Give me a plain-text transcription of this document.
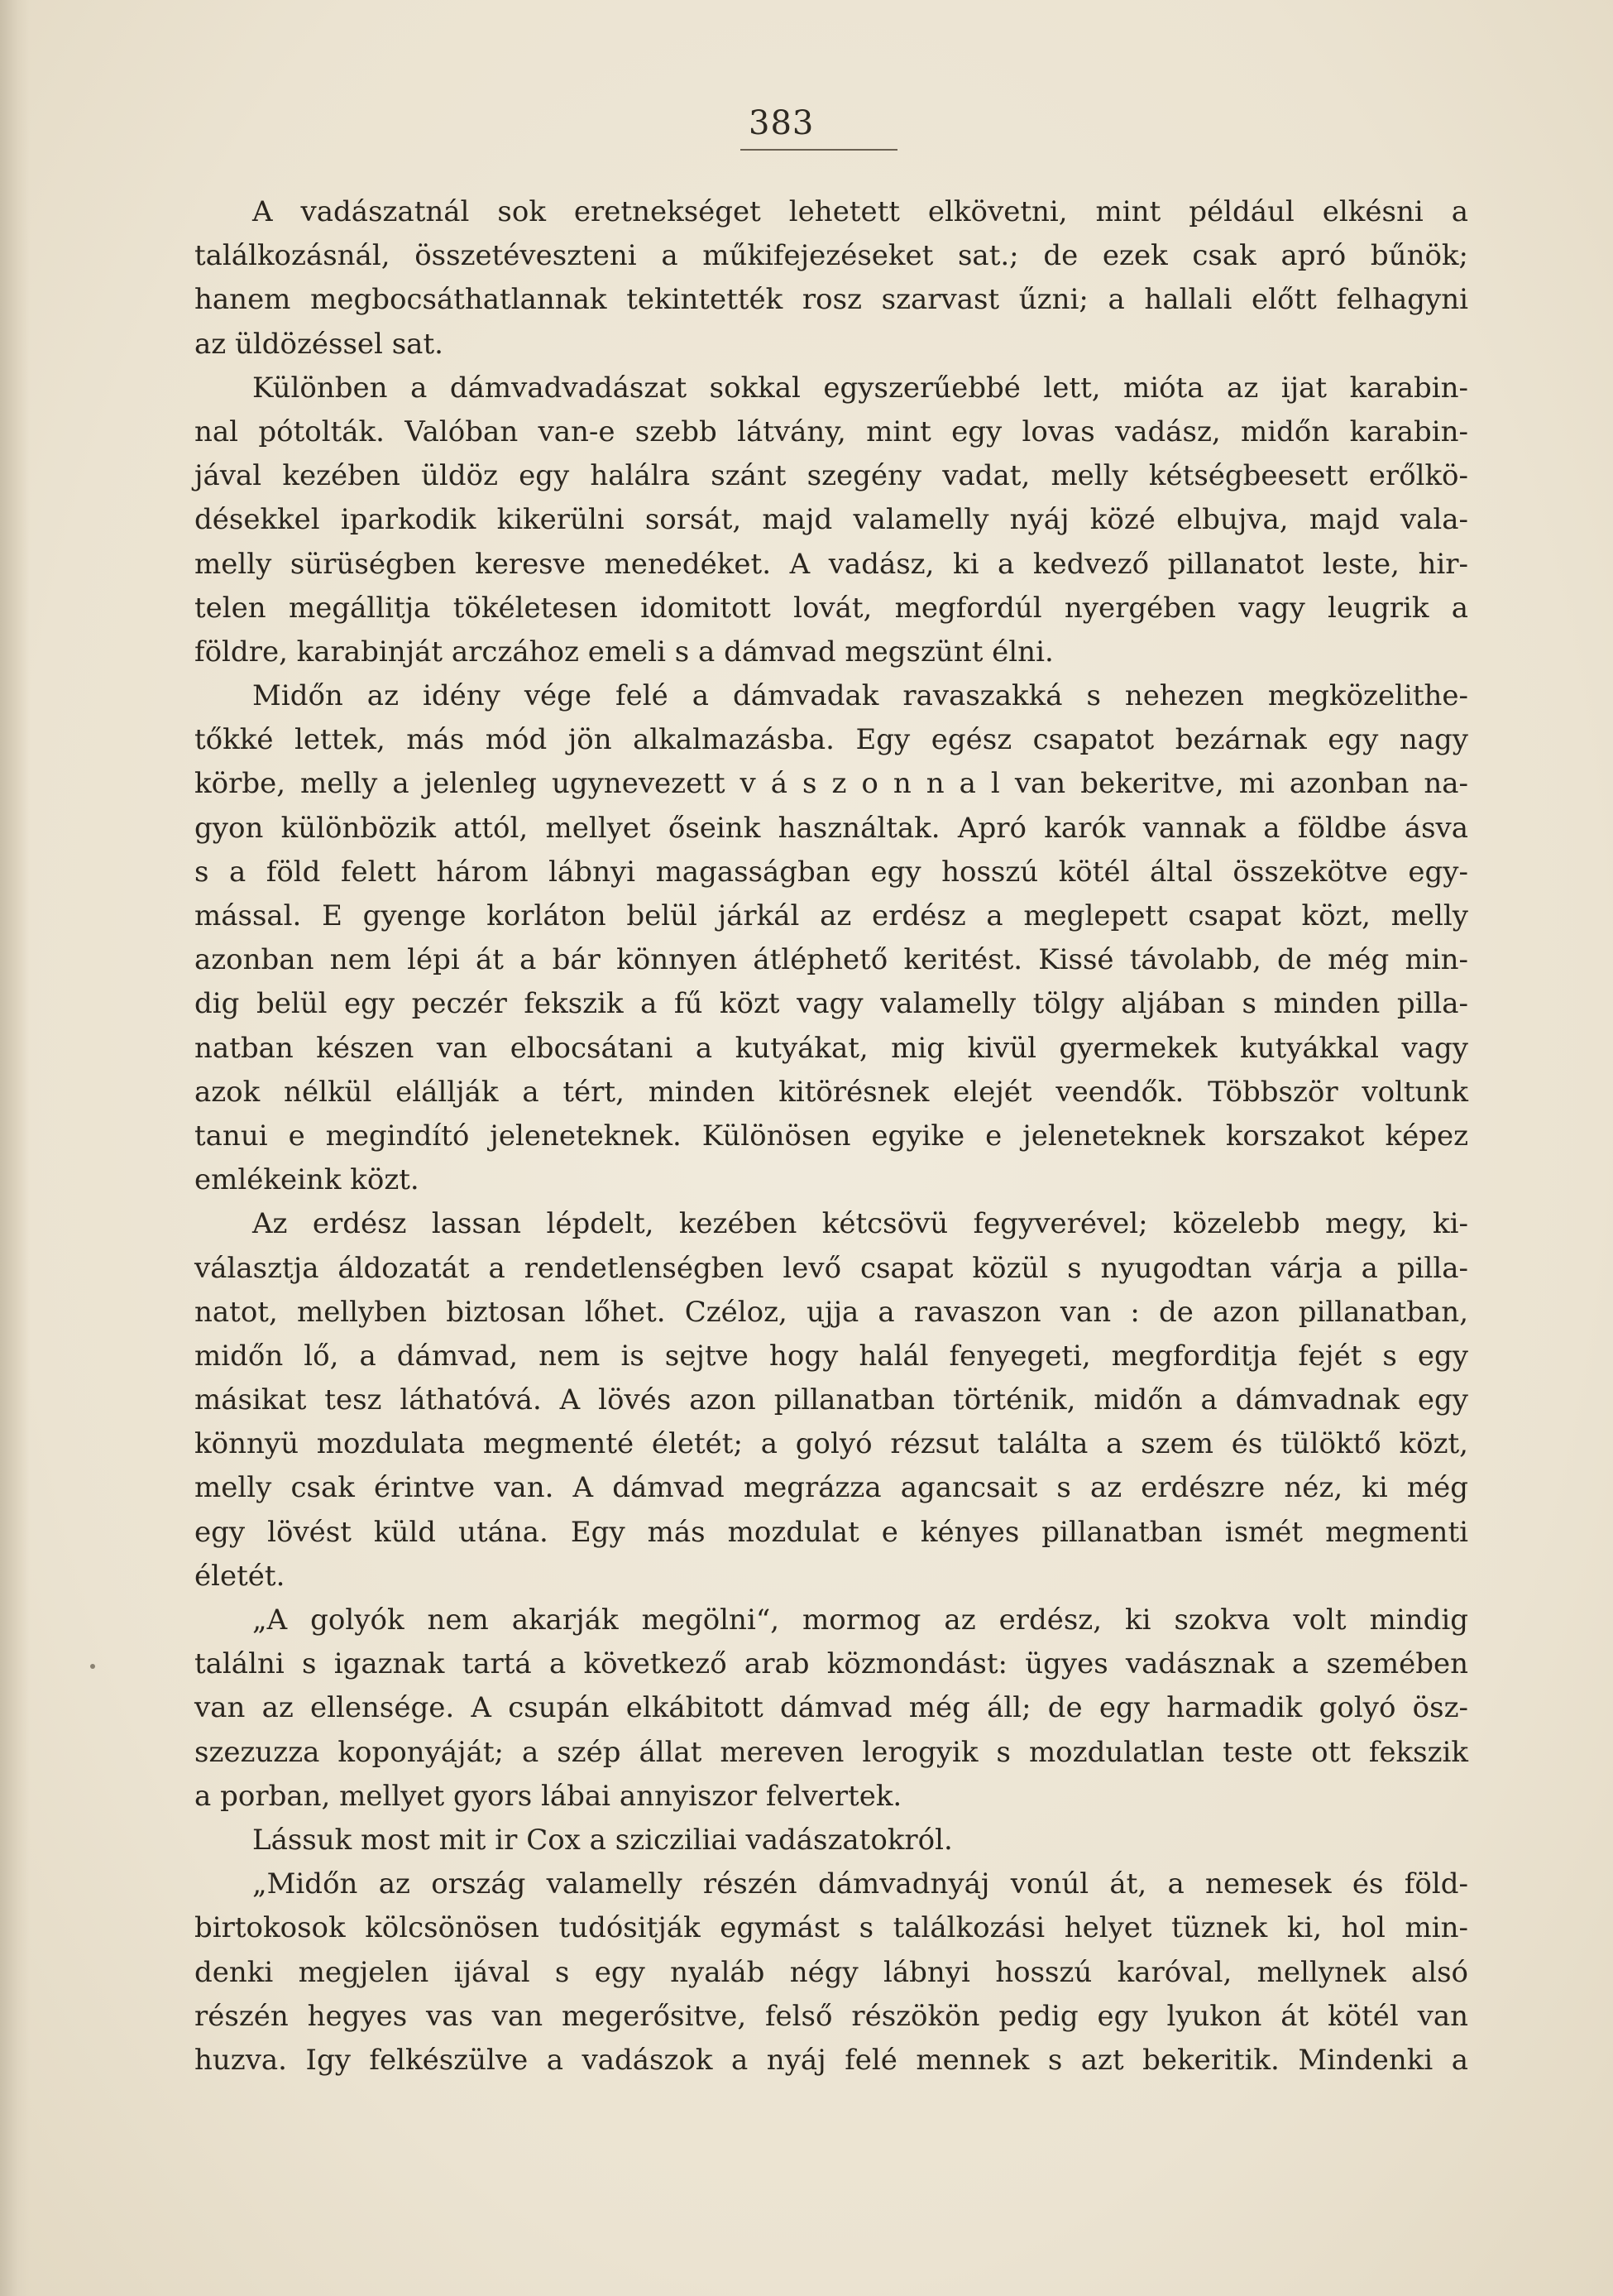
383
A vadászatnál sok eretnekséget lehetett elkövetni, mint például elkésni a
találkozásnál, összetéveszteni a műkifejezéseket sat.; de ezek csak apró bűnök;
hanem megbocsáthatlannak tekintették rosz szarvast űzni; a hallali előtt felhagyni
az üldözéssel sat.
Különben a dámvadvadászat sokkal egyszerűebbé lett, mióta az ijat karabin-
nal pótolták. Valóban van-e szebb látvány, mint egy lovas vadász, midőn karabin-
jával kezében üldöz egy halálra szánt szegény vadat, melly kétségbeesett erőlkö-
désekkel iparkodik kikerülni sorsát, majd valamelly nyáj közé elbujva, majd vala-
melly sürüségben keresve menedéket. A vadász, ki a kedvező pillanatot leste, hir-
telen megállitja tökéletesen idomitott lovát, megfordúl nyergében vagy leugrik a
földre, karabinját arczához emeli s a dámvad megszünt élni.
Midőn az idény vége felé a dámvadak ravaszakká s nehezen megközelithe-
tőkké lettek, más mód jön alkalmazásba. Egy egész csapatot bezárnak egy nagy
körbe, melly a jelenleg ugynevezett v á s z o n n a l van bekeritve, mi azonban na-
gyon különbözik attól, mellyet őseink használtak. Apró karók vannak a földbe ásva
s a föld felett három lábnyi magasságban egy hosszú kötél által összekötve egy-
mással. E gyenge korláton belül járkál az erdész a meglepett csapat közt, melly
azonban nem lépi át a bár könnyen átléphető keritést. Kissé távolabb, de még min-
dig belül egy peczér fekszik a fű közt vagy valamelly tölgy aljában s minden pilla-
natban készen van elbocsátani a kutyákat, mig kivül gyermekek kutyákkal vagy
azok nélkül elállják a tért, minden kitörésnek elejét veendők. Többször voltunk
tanui e megindító jeleneteknek. Különösen egyike e jeleneteknek korszakot képez
emlékeink közt.
Az erdész lassan lépdelt, kezében kétcsövü fegyverével; közelebb megy, ki-
választja áldozatát a rendetlenségben levő csapat közül s nyugodtan várja a pilla-
natot, mellyben biztosan lőhet. Czéloz, ujja a ravaszon van : de azon pillanatban,
midőn lő, a dámvad, nem is sejtve hogy halál fenyegeti, megforditja fejét s egy
másikat tesz láthatóvá. A lövés azon pillanatban történik, midőn a dámvadnak egy
könnyü mozdulata megmenté életét; a golyó rézsut találta a szem és tülöktő közt,
melly csak érintve van. A dámvad megrázza agancsait s az erdészre néz, ki még
egy lövést küld utána. Egy más mozdulat e kényes pillanatban ismét megmenti
életét.
„A golyók nem akarják megölni“, mormog az erdész, ki szokva volt mindig
találni s igaznak tartá a következő arab közmondást: ügyes vadásznak a szemében
van az ellensége. A csupán elkábitott dámvad még áll; de egy harmadik golyó ösz-
szezuzza koponyáját; a szép állat mereven lerogyik s mozdulatlan teste ott fekszik
a porban, mellyet gyors lábai annyiszor felvertek.
Lássuk most mit ir Cox a szicziliai vadászatokról.
„Midőn az ország valamelly részén dámvadnyáj vonúl át, a nemesek és föld-
birtokosok kölcsönösen tudósitják egymást s találkozási helyet tüznek ki, hol min-
denki megjelen ijával s egy nyaláb négy lábnyi hosszú karóval, mellynek alsó
részén hegyes vas van megerősitve, felső részökön pedig egy lyukon át kötél van
huzva. Igy felkészülve a vadászok a nyáj felé mennek s azt bekeritik. Mindenki a
